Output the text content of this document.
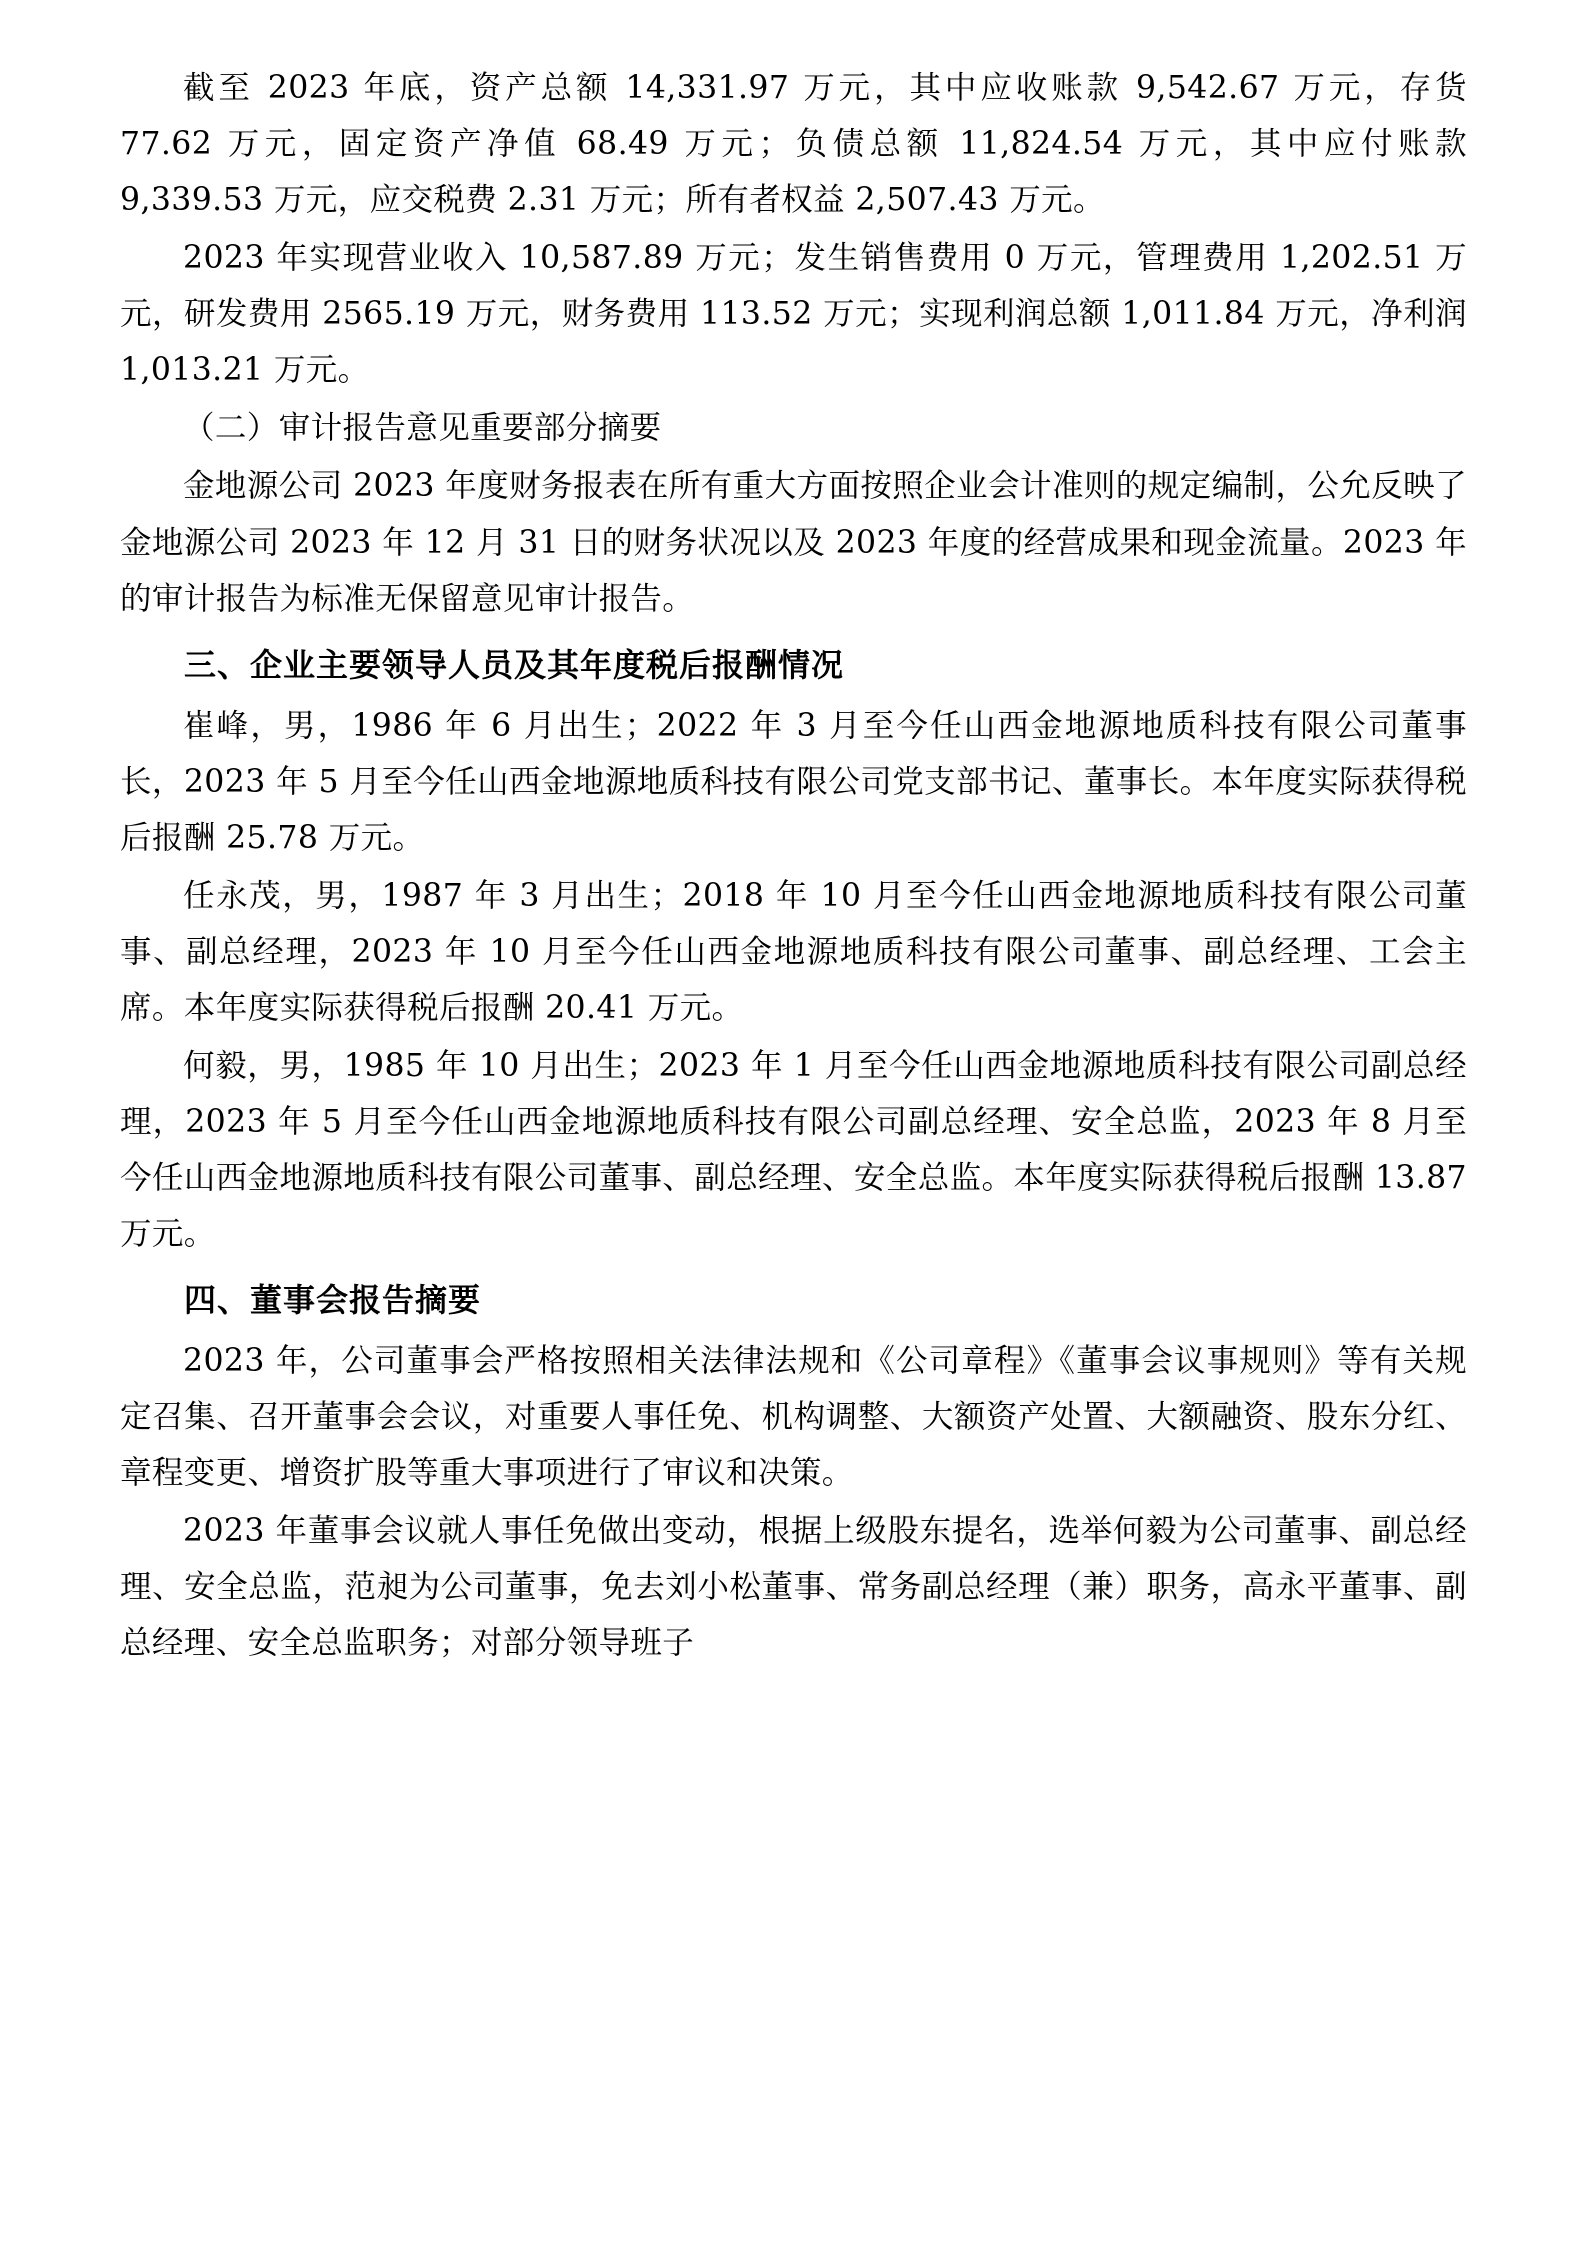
截至 2023 年底，资产总额 14,331.97 万元，其中应收账款 9,542.67 万元，存货 77.62 万元，固定资产净值 68.49 万元；负债总额 11,824.54 万元，其中应付账款 9,339.53 万元，应交税费 2.31 万元；所有者权益 2,507.43 万元。

2023 年实现营业收入 10,587.89 万元；发生销售费用 0 万元，管理费用 1,202.51 万元，研发费用 2565.19 万元，财务费用 113.52 万元；实现利润总额 1,011.84 万元，净利润 1,013.21 万元。

（二）审计报告意见重要部分摘要

金地源公司 2023 年度财务报表在所有重大方面按照企业会计准则的规定编制，公允反映了金地源公司 2023 年 12 月 31 日的财务状况以及 2023 年度的经营成果和现金流量。2023 年的审计报告为标准无保留意见审计报告。

三、企业主要领导人员及其年度税后报酬情况

崔峰，男，1986 年 6 月出生；2022 年 3 月至今任山西金地源地质科技有限公司董事长，2023 年 5 月至今任山西金地源地质科技有限公司党支部书记、董事长。本年度实际获得税后报酬 25.78 万元。

任永茂，男，1987 年 3 月出生；2018 年 10 月至今任山西金地源地质科技有限公司董事、副总经理，2023 年 10 月至今任山西金地源地质科技有限公司董事、副总经理、工会主席。本年度实际获得税后报酬 20.41 万元。

何毅，男，1985 年 10 月出生；2023 年 1 月至今任山西金地源地质科技有限公司副总经理，2023 年 5 月至今任山西金地源地质科技有限公司副总经理、安全总监，2023 年 8 月至今任山西金地源地质科技有限公司董事、副总经理、安全总监。本年度实际获得税后报酬 13.87 万元。

四、董事会报告摘要

2023 年，公司董事会严格按照相关法律法规和《公司章程》《董事会议事规则》等有关规定召集、召开董事会会议，对重要人事任免、机构调整、大额资产处置、大额融资、股东分红、章程变更、增资扩股等重大事项进行了审议和决策。

2023 年董事会议就人事任免做出变动，根据上级股东提名，选举何毅为公司董事、副总经理、安全总监，范昶为公司董事，免去刘小松董事、常务副总经理（兼）职务，高永平董事、副总经理、安全总监职务；对部分领导班子
